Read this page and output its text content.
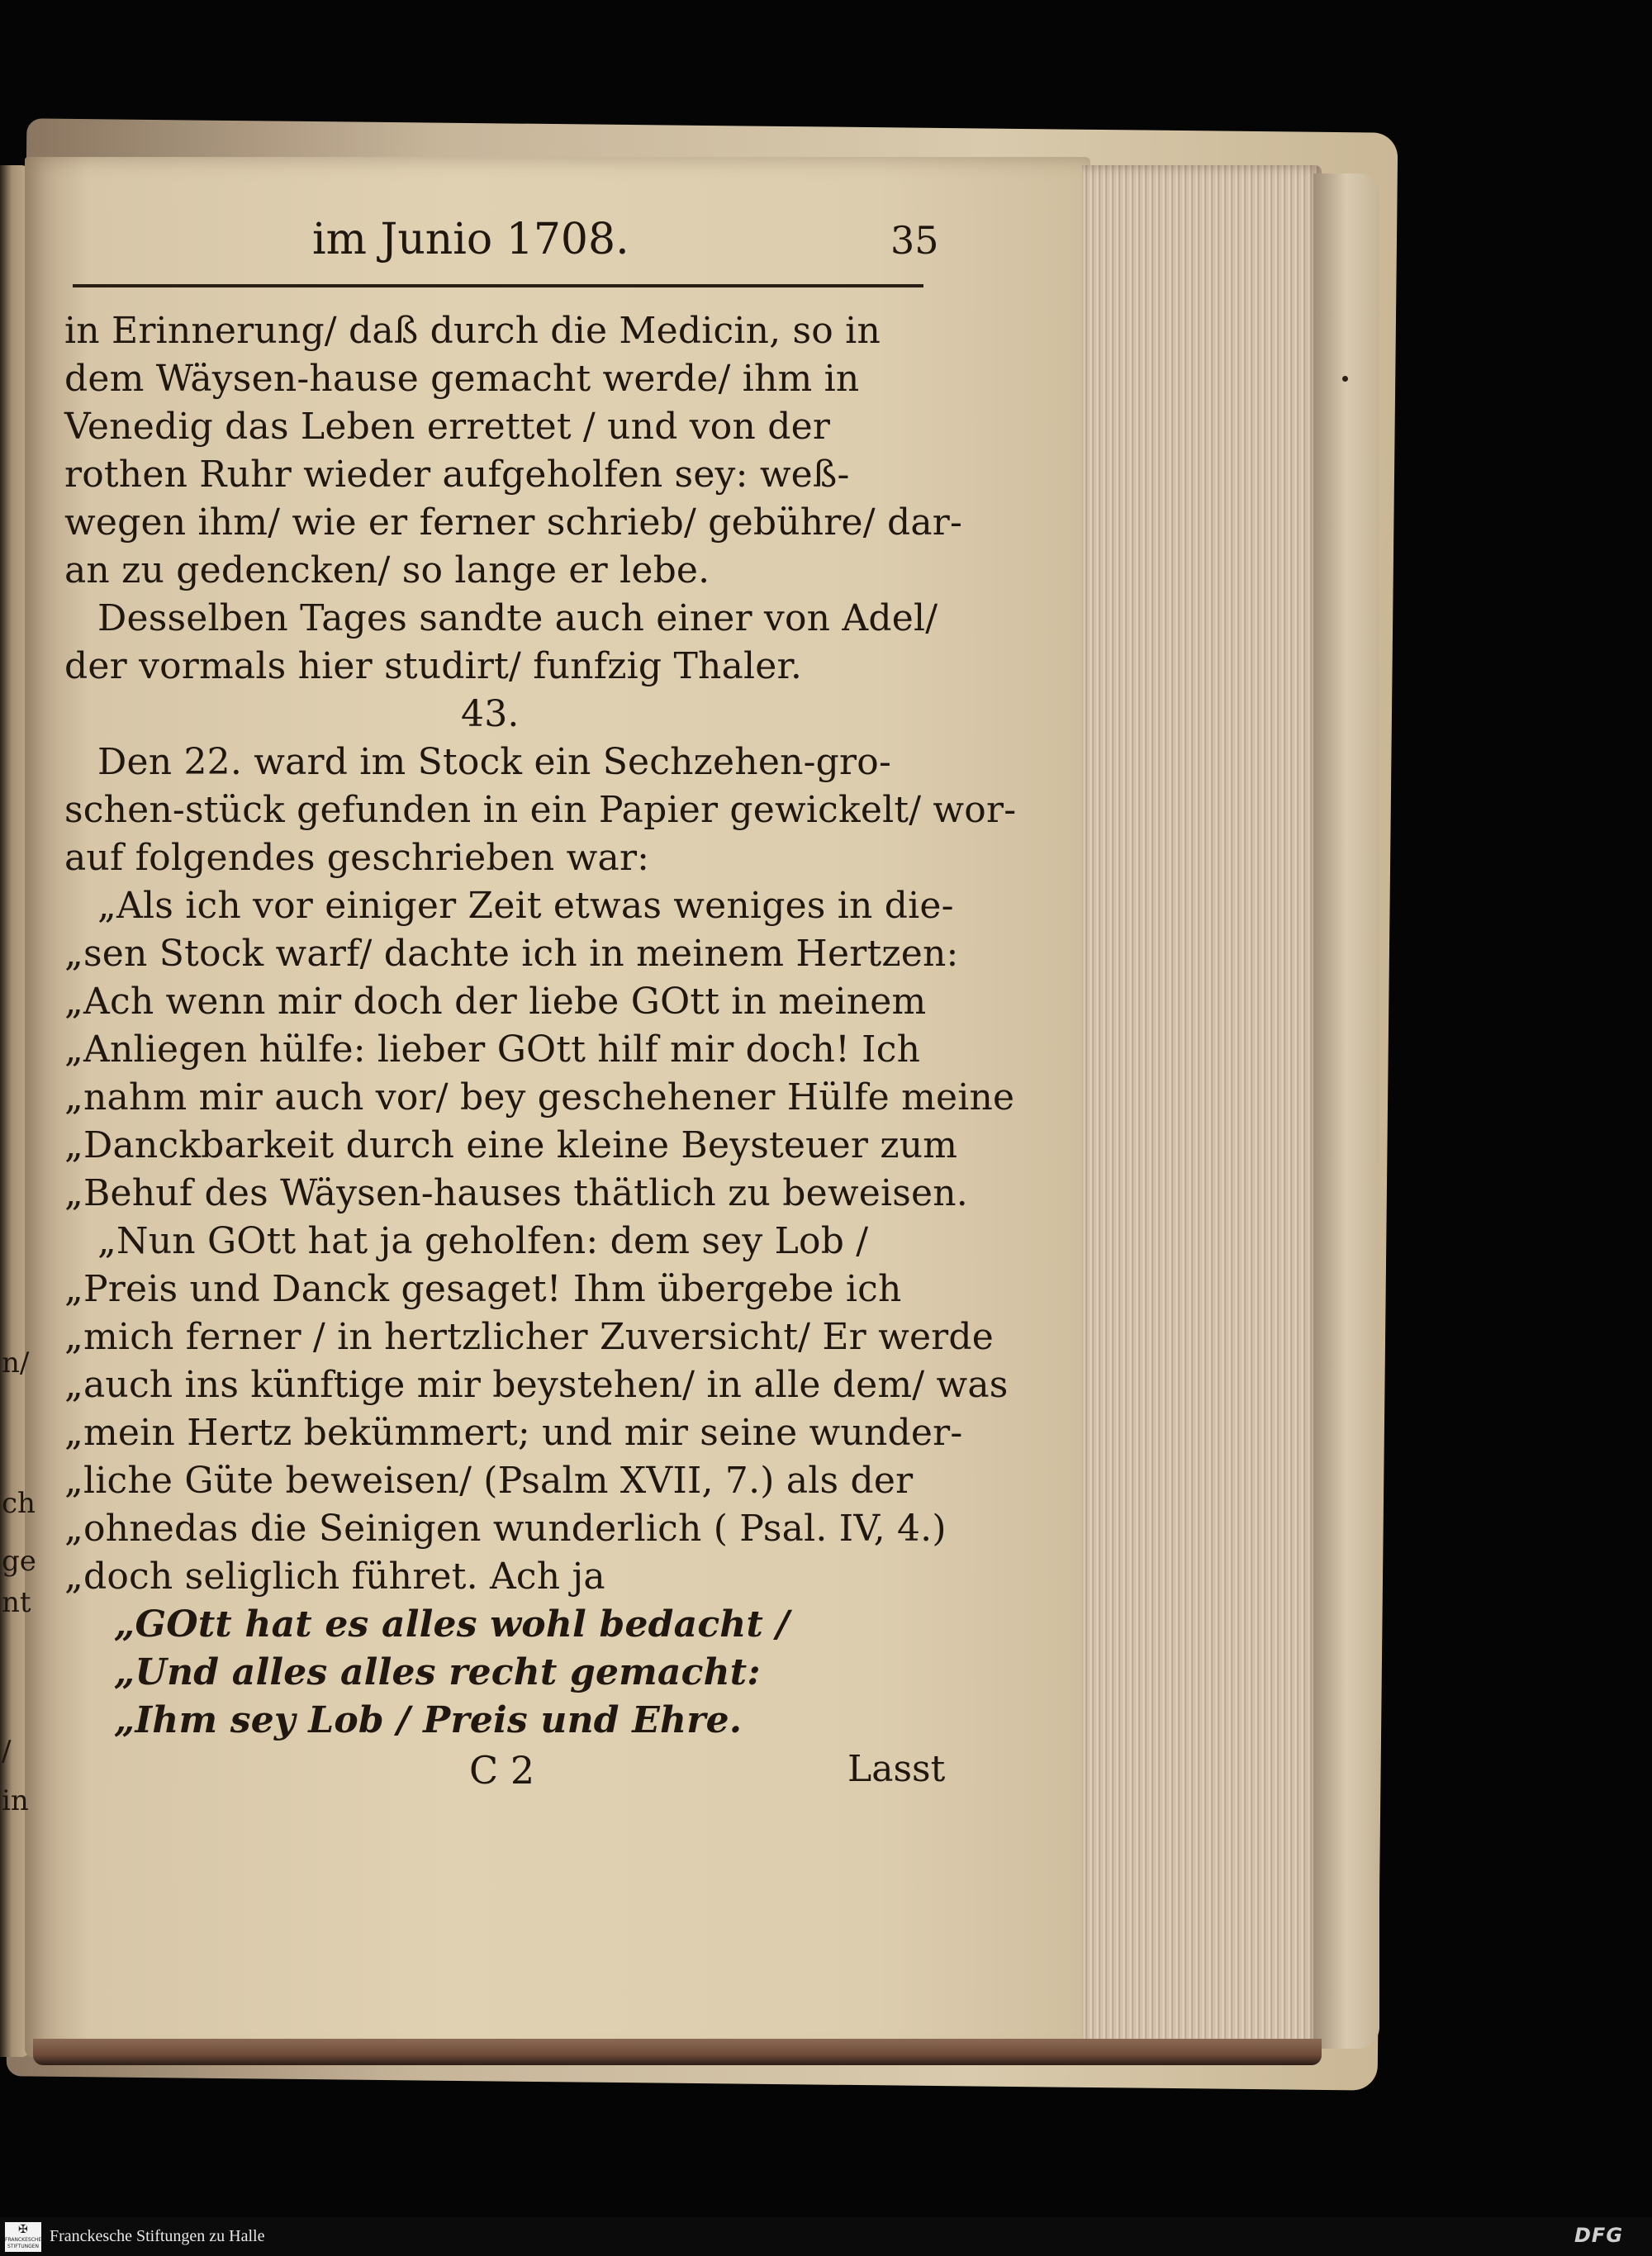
n/
ch
ge
nt
/
in
im Junio 1708.	35
in Erinnerung/ daß durch die Medicin, so in
dem Wäysen-hause gemacht werde/ ihm in
Venedig das Leben errettet / und von der
rothen Ruhr wieder aufgeholfen sey: weß-
wegen ihm/ wie er ferner schrieb/ gebühre/ dar-
an zu gedencken/ so lange er lebe.
Desselben Tages sandte auch einer von Adel/
der vormals hier studirt/ funfzig Thaler.
43.
Den 22. ward im Stock ein Sechzehen-gro-
schen-stück gefunden in ein Papier gewickelt/ wor-
auf folgendes geschrieben war:
„Als ich vor einiger Zeit etwas weniges in die-
„sen Stock warf/ dachte ich in meinem Hertzen:
„Ach wenn mir doch der liebe GOtt in meinem
„Anliegen hülfe: lieber GOtt hilf mir doch! Ich
„nahm mir auch vor/ bey geschehener Hülfe meine
„Danckbarkeit durch eine kleine Beysteuer zum
„Behuf des Wäysen-hauses thätlich zu beweisen.
„Nun GOtt hat ja geholfen: dem sey Lob /
„Preis und Danck gesaget! Ihm übergebe ich
„mich ferner / in hertzlicher Zuversicht/ Er werde
„auch ins künftige mir beystehen/ in alle dem/ was
„mein Hertz bekümmert; und mir seine wunder-
„liche Güte beweisen/ (Psalm XVII, 7.) als der
„ohnedas die Seinigen wunderlich ( Psal. IV, 4.)
„doch seliglich führet. Ach ja
„GOtt hat es alles wohl bedacht /
„Und alles alles recht gemacht:
„Ihm sey Lob / Preis und Ehre.
C 2	Lasst
✠
FRANCKESCHE STIFTUNGEN
Franckesche Stiftungen zu Halle	DFG
